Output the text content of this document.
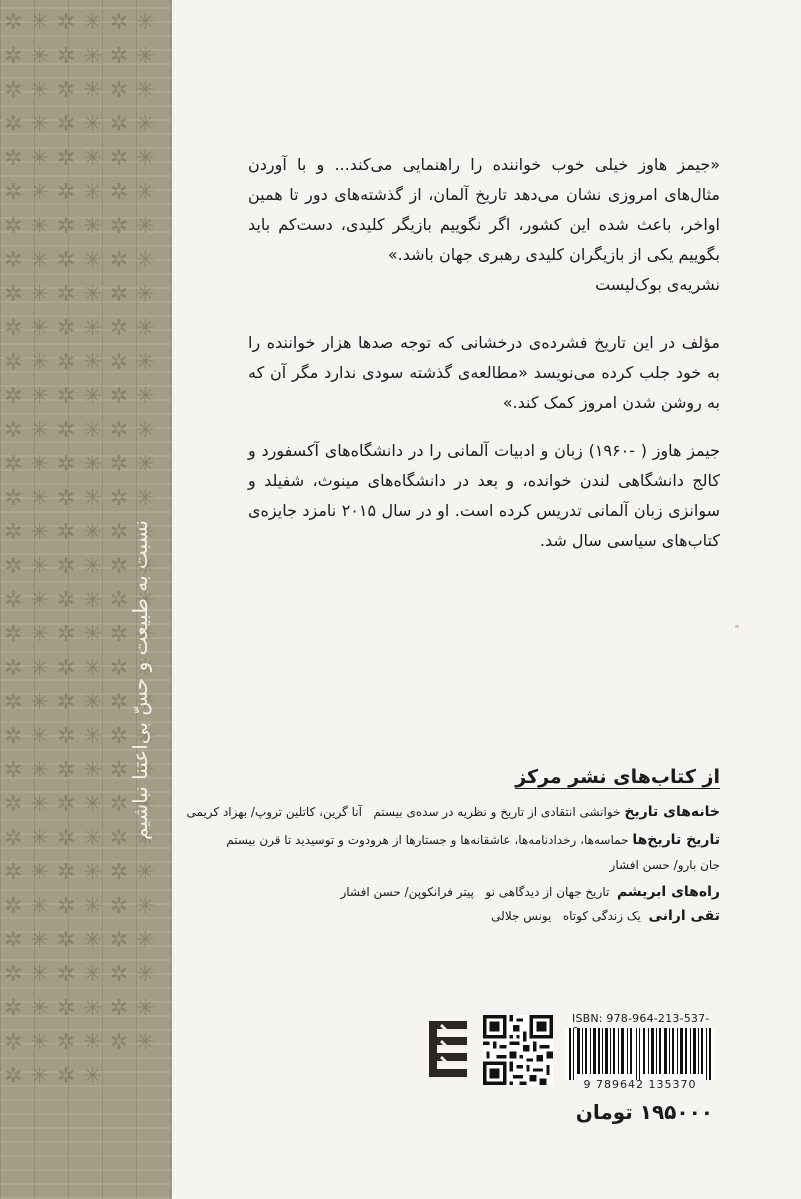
✲✳✲✳✲✳✲✳✲✳✲✳✲✳✲✳✲✳✲✳✲✳✲✳✲✳✲✳✲✳✲✳✲✳✲✳✲✳✲✳✲✳✲✳✲✳✲✳✲✳✲✳✲✳✲✳✲✳✲✳✲✳✲✳✲✳✲✳✲✳✲✳✲✳✲✳✲✳✲✳✲✳✲✳✲✳✲✳✲✳✲✳✲✳✲✳✲✳✲✳✲✳✲✳✲✳✲✳✲✳✲✳✲✳✲✳✲✳✲✳✲✳✲✳✲✳✲✳✲✳✲✳✲✳✲✳✲✳✲✳✲✳✲✳✲✳✲✳✲✳✲✳✲✳✲✳✲✳✲✳✲✳✲✳✲✳✲✳✲✳✲✳✲✳✲✳✲✳✲✳✲✳✲✳✲✳✲✳✲✳
نسبت به طبیعت و حسّ بی‌اعتنا نباشیم
«جیمز هاوز خیلی خوب خواننده را راهنمایی می‌کند... و با آوردن مثال‌های امروزی نشان می‌دهد تاریخ آلمان، از گذشته‌های دور تا همین اواخر، باعث شده این کشور، اگر نگوییم بازیگر کلیدی، دست‌کم باید بگوییم یکی از بازیگران کلیدی رهبری جهان باشد.»
نشریه‌ی بوک‌لیست
مؤلف در این تاریخ فشرده‌ی درخشانی که توجه صدها هزار خواننده را به خود جلب کرده می‌نویسد «مطالعه‌ی گذشته سودی ندارد مگر آن که به روشن شدن امروز کمک کند.»
جیمز هاوز ( -۱۹۶۰) زبان و ادبیات آلمانی را در دانشگاه‌های آکسفورد و کالج دانشگاهی لندن خوانده، و بعد در دانشگاه‌های مینوث، شفیلد و سوانزی زبان آلمانی تدریس کرده است. او در سال ۲۰۱۵ نامزد جایزه‌ی کتاب‌های سیاسی سال شد.
از کتاب‌های نشر مرکز
خانه‌های تاریخ خوانشی انتقادی از تاریخ و نظریه در سده‌ی بیستم   آنا گرین، کاتلین تروپ/ بهزاد کریمی
تاریخ تاریخ‌ها حماسه‌ها، رخدادنامه‌ها، عاشقانه‌ها و جستارها از هرودوت و توسیدید تا قرن بیستم
جان بارو/ حسن افشار
راه‌های ابریشم  تاریخ جهان از دیدگاهی نو   پیتر فرانکوپن/ حسن افشار
تقی ارانی  یک زندگی کوتاه   یونس جلالی
ISBN: 978-964-213-537-
9 789642 135370
۱۹۵۰۰۰ تومان
